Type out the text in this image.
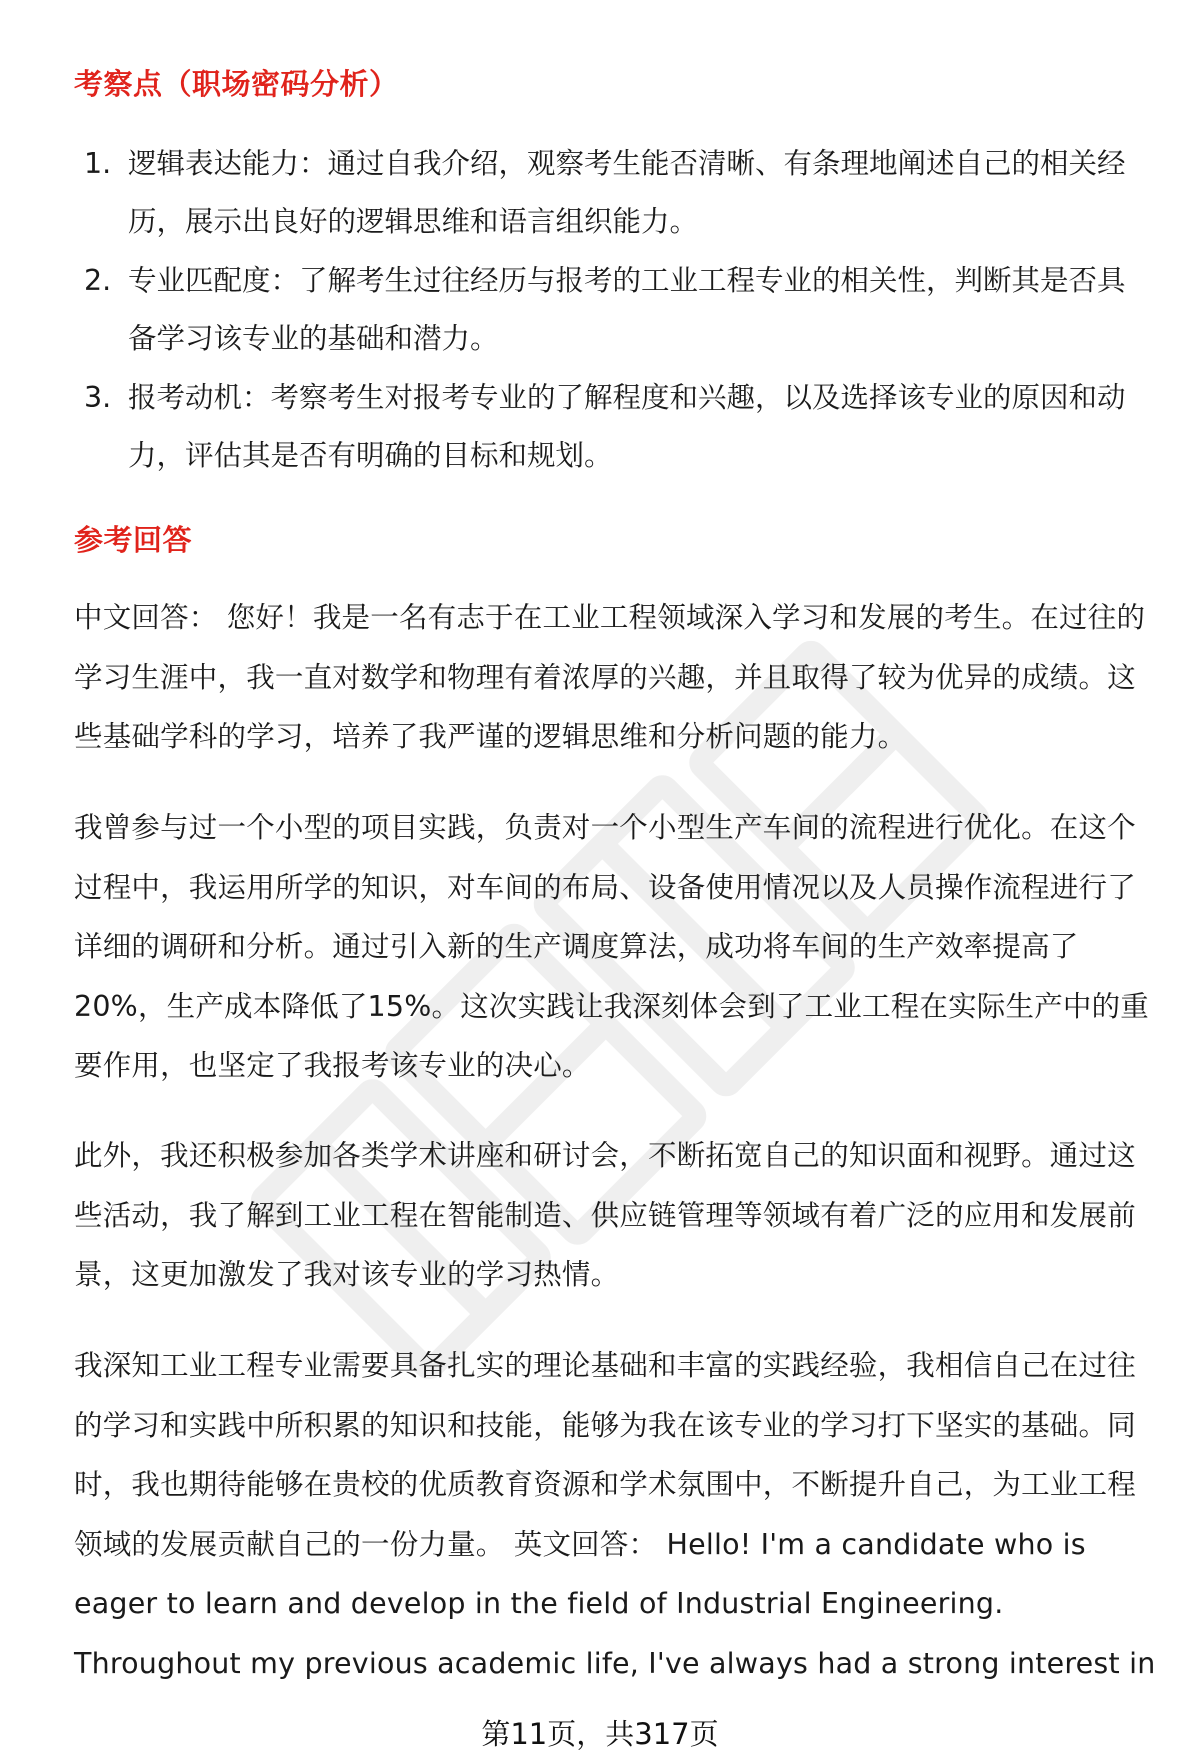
考察点（职场密码分析）
1. 逻辑表达能力：通过自我介绍，观察考生能否清晰、有条理地阐述自己的相关经历，展示出良好的逻辑思维和语言组织能力。
2. 专业匹配度：了解考生过往经历与报考的工业工程专业的相关性，判断其是否具备学习该专业的基础和潜力。
3. 报考动机：考察考生对报考专业的了解程度和兴趣，以及选择该专业的原因和动力，评估其是否有明确的目标和规划。
参考回答

中文回答： 您好！我是一名有志于在工业工程领域深入学习和发展的考生。在过往的学习生涯中，我一直对数学和物理有着浓厚的兴趣，并且取得了较为优异的成绩。这些基础学科的学习，培养了我严谨的逻辑思维和分析问题的能力。

我曾参与过一个小型的项目实践，负责对一个小型生产车间的流程进行优化。在这个过程中，我运用所学的知识，对车间的布局、设备使用情况以及人员操作流程进行了详细的调研和分析。通过引入新的生产调度算法，成功将车间的生产效率提高了20%，生产成本降低了15%。这次实践让我深刻体会到了工业工程在实际生产中的重要作用，也坚定了我报考该专业的决心。

此外，我还积极参加各类学术讲座和研讨会，不断拓宽自己的知识面和视野。通过这些活动，我了解到工业工程在智能制造、供应链管理等领域有着广泛的应用和发展前景，这更加激发了我对该专业的学习热情。

我深知工业工程专业需要具备扎实的理论基础和丰富的实践经验，我相信自己在过往的学习和实践中所积累的知识和技能，能够为我在该专业的学习打下坚实的基础。同时，我也期待能够在贵校的优质教育资源和学术氛围中，不断提升自己，为工业工程领域的发展贡献自己的一份力量。 英文回答： Hello! I'm a candidate who is eager to learn and develop in the field of Industrial Engineering. Throughout my previous academic life, I've always had a strong interest in

第11页，共317页
